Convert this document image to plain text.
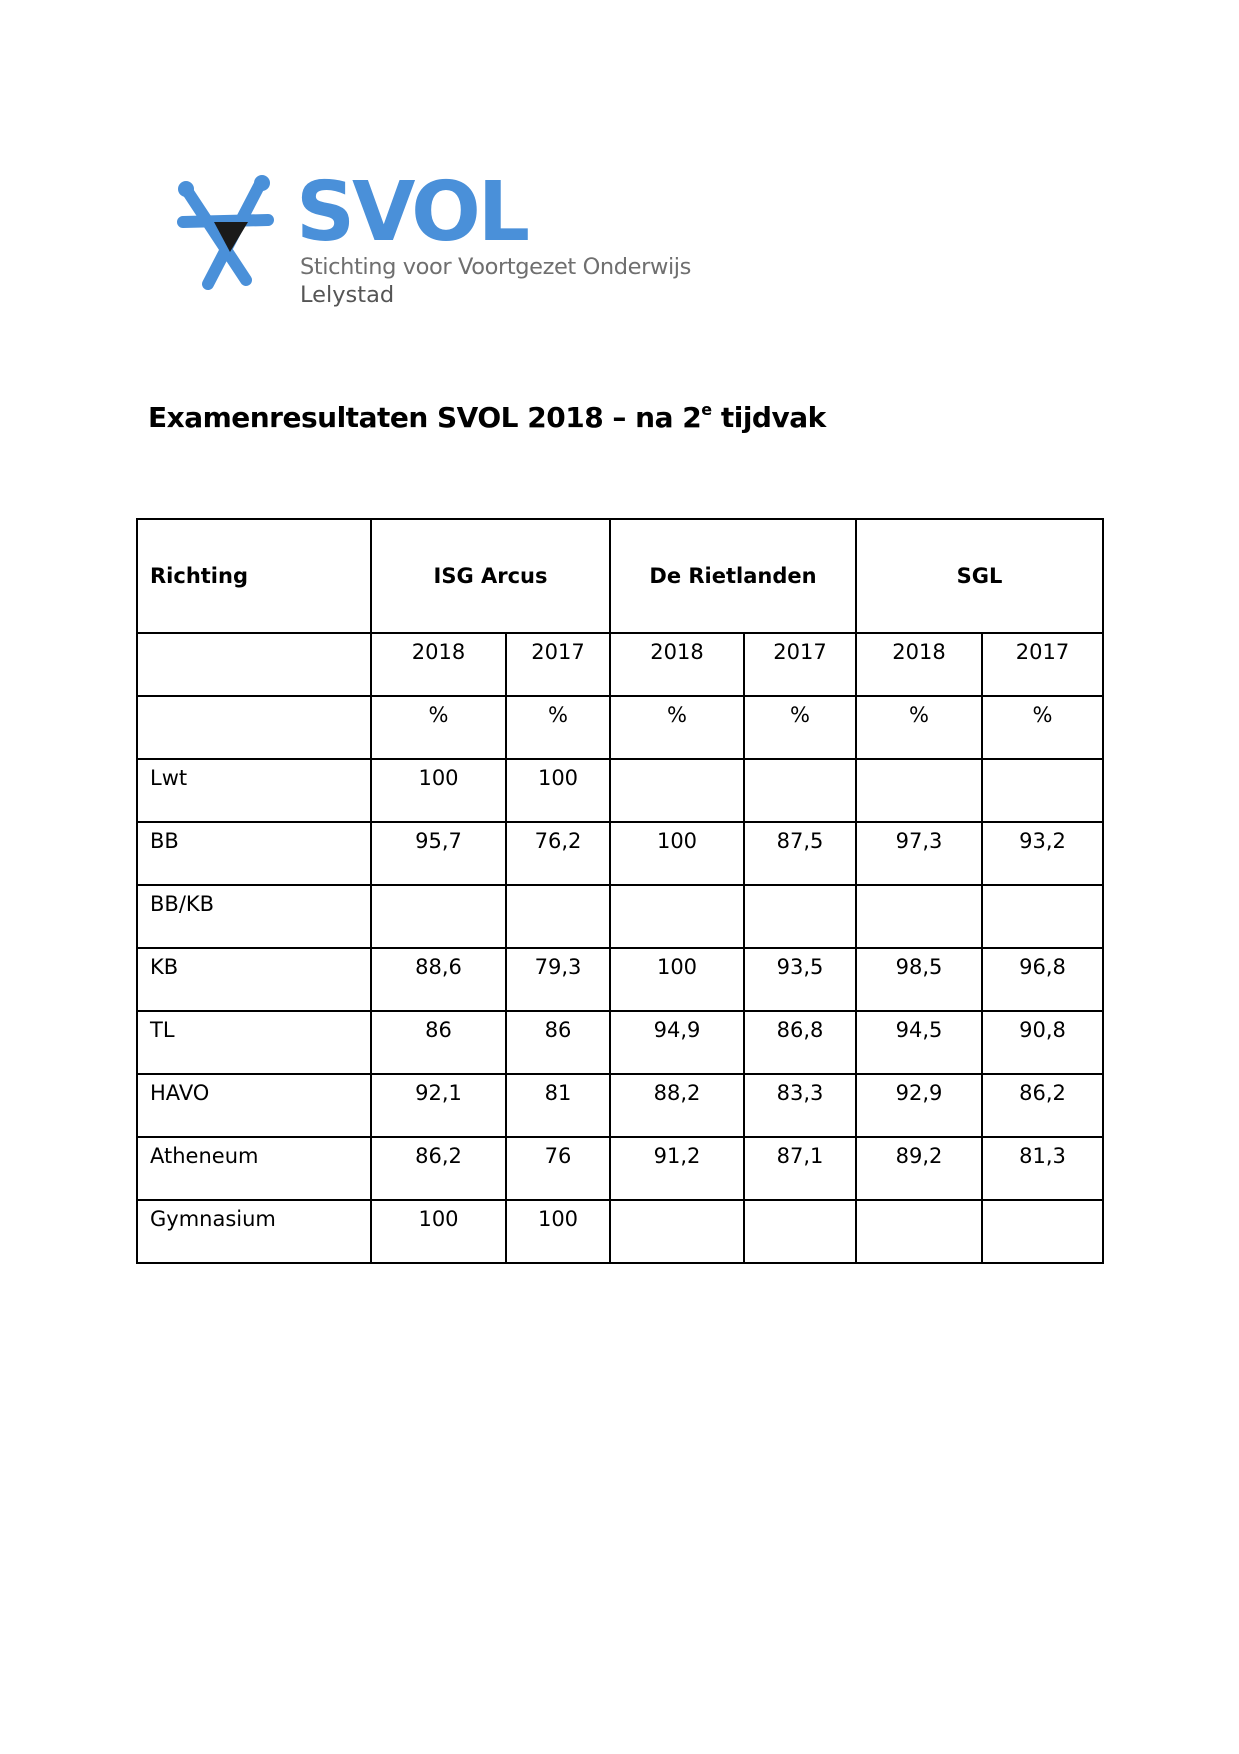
SVOL
Stichting voor Voortgezet Onderwijs
Lelystad
Examenresultaten SVOL 2018 – na 2e tijdvak
Richting	ISG Arcus		De Rietlanden		SGL	
	2018	2017	2018	2017	2018	2017
	%	%	%	%	%	%
Lwt	100	100				
BB	95,7	76,2	100	87,5	97,3	93,2
BB/KB						
KB	88,6	79,3	100	93,5	98,5	96,8
TL	86	86	94,9	86,8	94,5	90,8
HAVO	92,1	81	88,2	83,3	92,9	86,2
Atheneum	86,2	76	91,2	87,1	89,2	81,3
Gymnasium	100	100				
